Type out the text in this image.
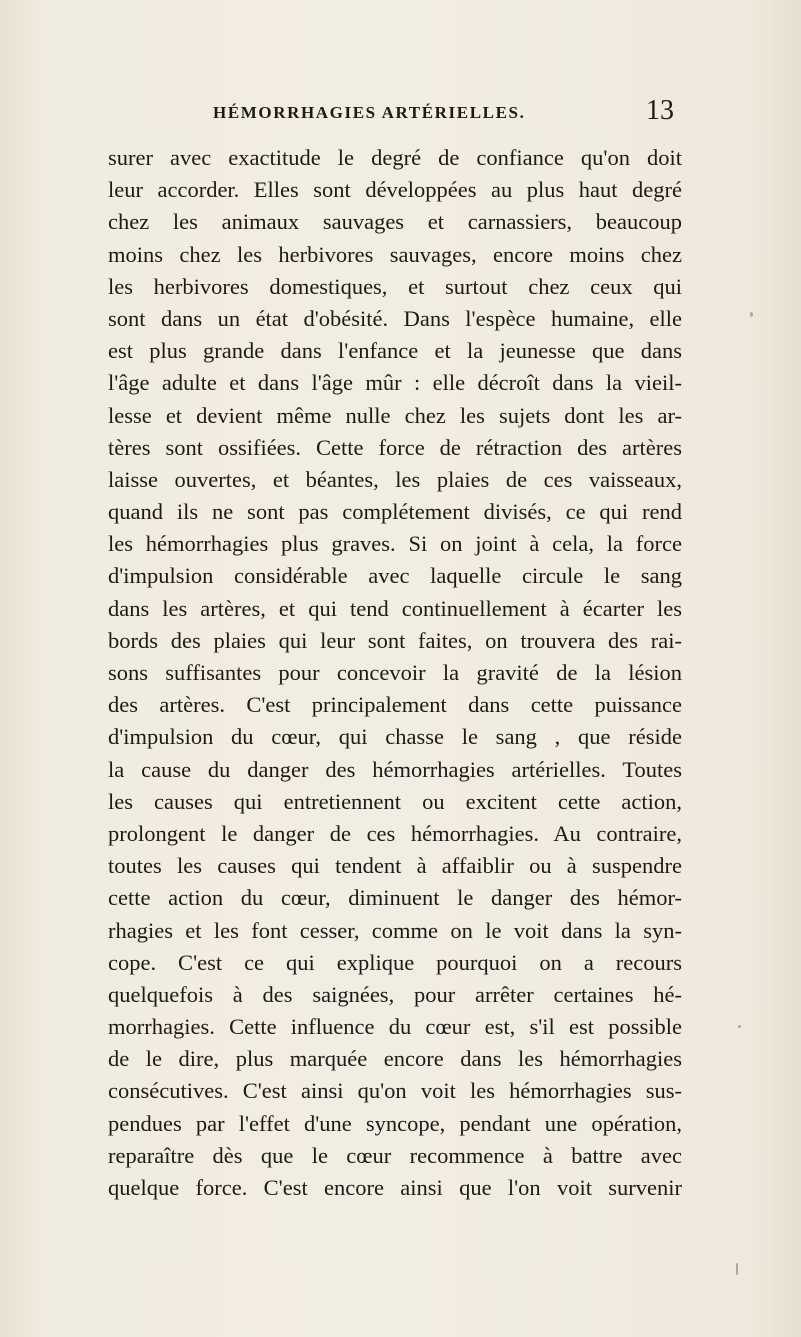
HÉMORRHAGIES ARTÉRIELLES.	13
surer avec exactitude le degré de confiance qu'on doit
leur accorder. Elles sont développées au plus haut degré
chez les animaux sauvages et carnassiers, beaucoup
moins chez les herbivores sauvages, encore moins chez
les herbivores domestiques, et surtout chez ceux qui
sont dans un état d'obésité. Dans l'espèce humaine, elle
est plus grande dans l'enfance et la jeunesse que dans
l'âge adulte et dans l'âge mûr : elle décroît dans la vieil-
lesse et devient même nulle chez les sujets dont les ar-
tères sont ossifiées. Cette force de rétraction des artères
laisse ouvertes, et béantes, les plaies de ces vaisseaux,
quand ils ne sont pas complétement divisés, ce qui rend
les hémorrhagies plus graves. Si on joint à cela, la force
d'impulsion considérable avec laquelle circule le sang
dans les artères, et qui tend continuellement à écarter les
bords des plaies qui leur sont faites, on trouvera des rai-
sons suffisantes pour concevoir la gravité de la lésion
des artères. C'est principalement dans cette puissance
d'impulsion du cœur, qui chasse le sang , que réside
la cause du danger des hémorrhagies artérielles. Toutes
les causes qui entretiennent ou excitent cette action,
prolongent le danger de ces hémorrhagies. Au contraire,
toutes les causes qui tendent à affaiblir ou à suspendre
cette action du cœur, diminuent le danger des hémor-
rhagies et les font cesser, comme on le voit dans la syn-
cope. C'est ce qui explique pourquoi on a recours
quelquefois à des saignées, pour arrêter certaines hé-
morrhagies. Cette influence du cœur est, s'il est possible
de le dire, plus marquée encore dans les hémorrhagies
consécutives. C'est ainsi qu'on voit les hémorrhagies sus-
pendues par l'effet d'une syncope, pendant une opération,
reparaître dès que le cœur recommence à battre avec
quelque force. C'est encore ainsi que l'on voit survenir
